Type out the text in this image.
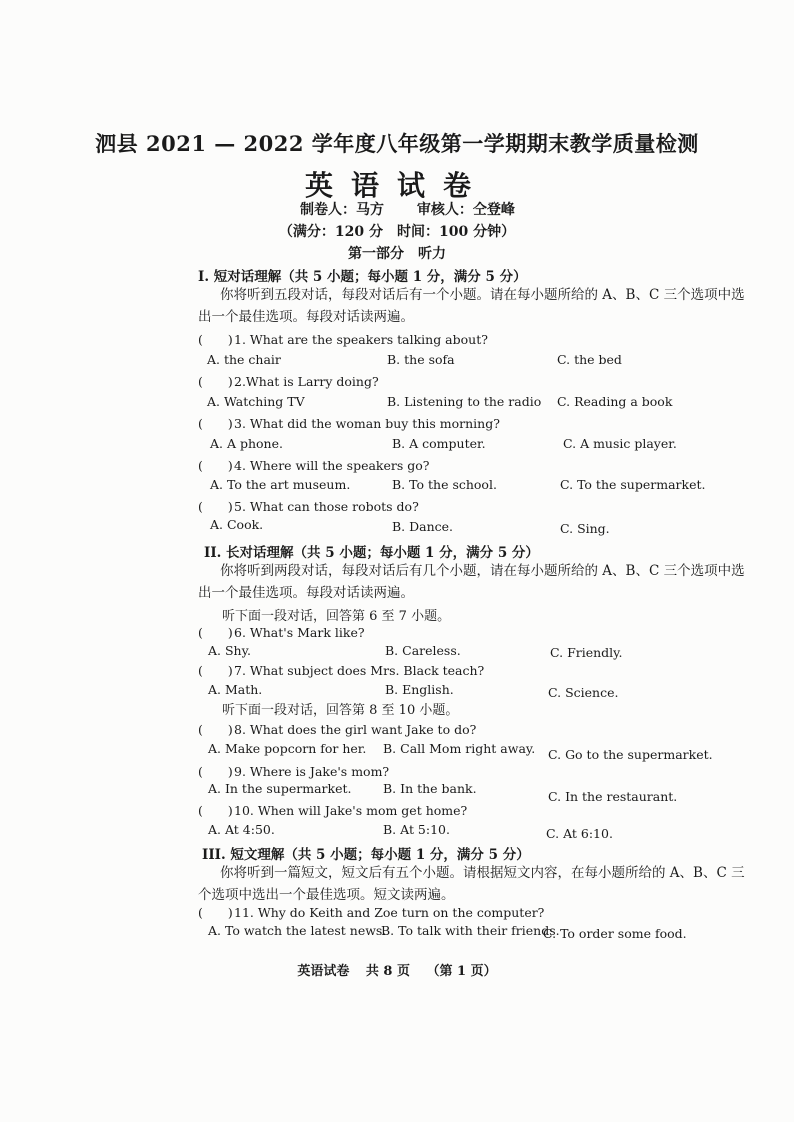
泗县 2021 — 2022 学年度八年级第一学期期末教学质量检测
英语试卷
制卷人：马方 审核人：仝登峰
（满分：120 分　时间：100 分钟）
第一部分　听力
I. 短对话理解（共 5 小题；每小题 1 分，满分 5 分）
你将听到五段对话，每段对话后有一个小题。请在每小题所给的 A、B、C 三个选项中选出一个最佳选项。每段对话读两遍。
(　　)1. What are the speakers talking about?
A. the chair	B. the sofa	C. the bed
(　　)2.What is Larry doing?
A. Watching TV	B. Listening to the radio C. Reading a book
(　　)3. What did the woman buy this morning?
A. A phone.	B. A computer.	C. A music player.
(　　)4. Where will the speakers go?
A. To the art museum.	B. To the school.	C. To the supermarket.
(　　)5. What can those robots do?
A. Cook.	B. Dance.	C. Sing.
II. 长对话理解（共 5 小题；每小题 1 分，满分 5 分）
你将听到两段对话，每段对话后有几个小题，请在每小题所给的 A、B、C 三个选项中选出一个最佳选项。每段对话读两遍。
听下面一段对话，回答第 6 至 7 小题。
(　　)6. What's Mark like?
A. Shy.	B. Careless.	C. Friendly.
(　　)7. What subject does Mrs. Black teach?
A. Math.	B. English.	C. Science.
听下面一段对话，回答第 8 至 10 小题。
(　　)8. What does the girl want Jake to do?
A. Make popcorn for her. B. Call Mom right away. C. Go to the supermarket.
(　　)9. Where is Jake's mom?
A. In the supermarket.	B. In the bank.
C. In the restaurant.
(　　)10. When will Jake's mom get home?
A. At 4:50.	B. At 5:10.	C. At 6:10.
III. 短文理解（共 5 小题；每小题 1 分，满分 5 分）
你将听到一篇短文，短文后有五个小题。请根据短文内容，在每小题所给的 A、B、C 三个选项中选出一个最佳选项。短文读两遍。
(　　)11. Why do Keith and Zoe turn on the computer?
A. To watch the latest news.
B. To talk with their friends.
C. To order some food.
英语试卷 共 8 页 （第 1 页）
